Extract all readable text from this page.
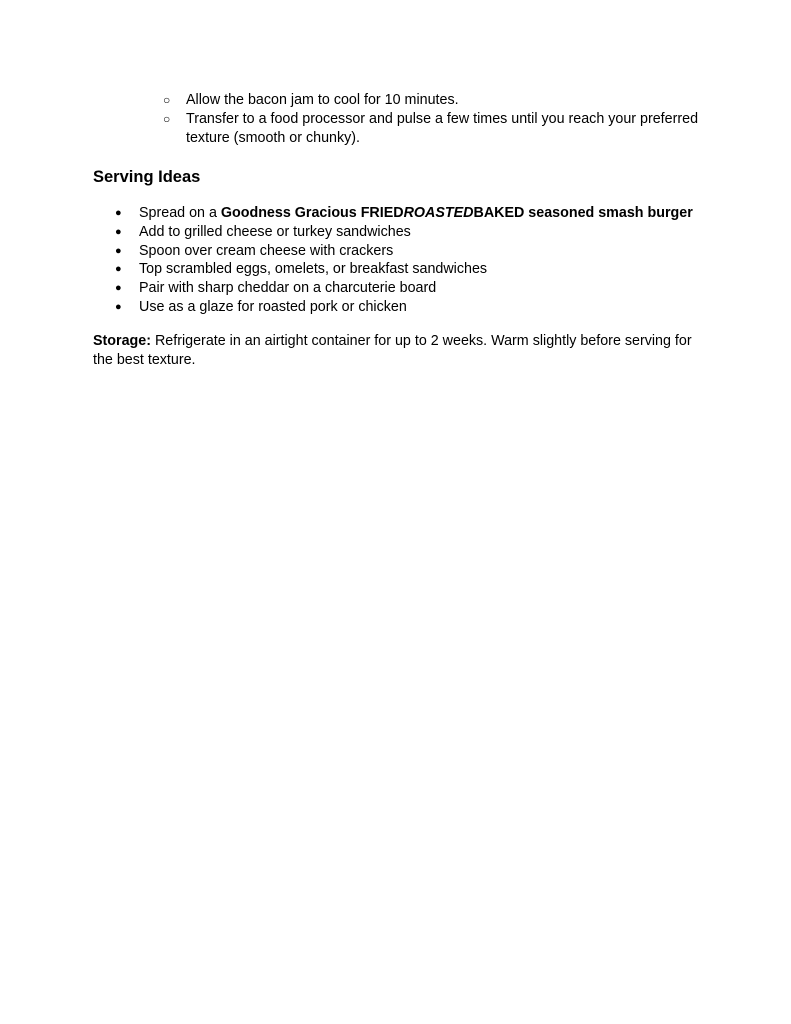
○ Allow the bacon jam to cool for 10 minutes.
○ Transfer to a food processor and pulse a few times until you reach your preferred texture (smooth or chunky).
Serving Ideas
● Spread on a Goodness Gracious FRIEDROASTEDBAKED seasoned smash burger
● Add to grilled cheese or turkey sandwiches
● Spoon over cream cheese with crackers
● Top scrambled eggs, omelets, or breakfast sandwiches
● Pair with sharp cheddar on a charcuterie board
● Use as a glaze for roasted pork or chicken

Storage: Refrigerate in an airtight container for up to 2 weeks. Warm slightly before serving for the best texture.
